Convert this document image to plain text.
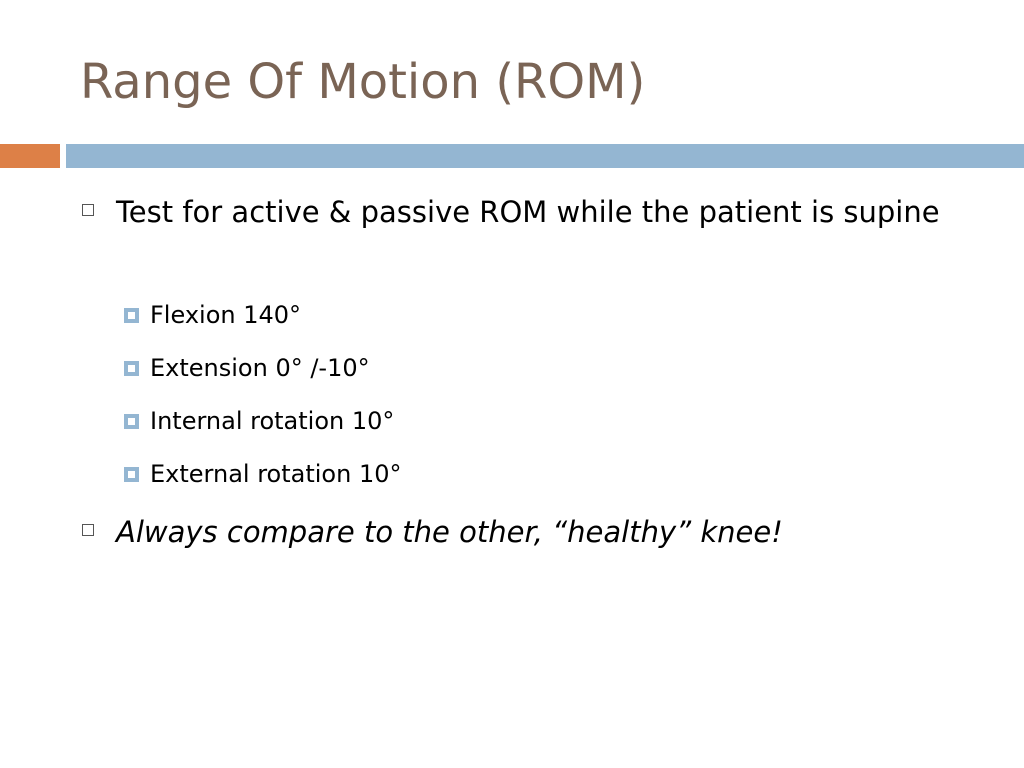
Range Of Motion (ROM)
Test for active & passive ROM while the patient is supine
Flexion 140°
Extension 0° /-10°
Internal rotation 10°
External rotation 10°
Always compare to the other, “healthy” knee!
